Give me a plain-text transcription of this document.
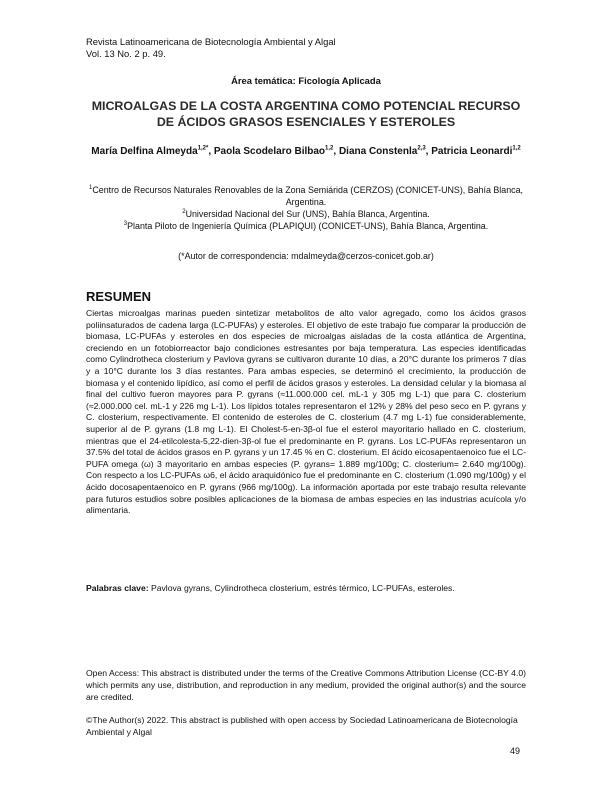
Revista Latinoamericana de Biotecnología Ambiental y Algal
Vol. 13 No. 2 p. 49.
Área temática: Ficología Aplicada
MICROALGAS DE LA COSTA ARGENTINA COMO POTENCIAL RECURSO DE ÁCIDOS GRASOS ESENCIALES Y ESTEROLES
María Delfina Almeyda$^{1,2*}$, Paola Scodelaro Bilbao$^{1,2}$, Diana Constenla$^{2,3}$, Patricia Leonardi$^{1,2}$
$^1$Centro de Recursos Naturales Renovables de la Zona Semiárida (CERZOS) (CONICET-UNS), Bahía Blanca, Argentina.
$^2$Universidad Nacional del Sur (UNS), Bahía Blanca, Argentina.
$^3$Planta Piloto de Ingeniería Química (PLAPIQUI) (CONICET-UNS), Bahía Blanca, Argentina.
(*Autor de correspondencia: mdalmeyda@cerzos-conicet.gob.ar)
RESUMEN
Ciertas microalgas marinas pueden sintetizar metabolitos de alto valor agregado, como los ácidos grasos poliinsaturados de cadena larga (LC-PUFAs) y esteroles. El objetivo de este trabajo fue comparar la producción de biomasa, LC-PUFAs y esteroles en dos especies de microalgas aisladas de la costa atlántica de Argentina, creciendo en un fotobiorreactor bajo condiciones estresantes por baja temperatura. Las especies identificadas como Cylindrotheca closterium y Pavlova gyrans se cultivaron durante 10 días, a 20°C durante los primeros 7 días y a 10°C durante los 3 días restantes. Para ambas especies, se determinó el crecimiento, la producción de biomasa y el contenido lipídico, así como el perfil de ácidos grasos y esteroles. La densidad celular y la biomasa al final del cultivo fueron mayores para P. gyrans (≈11.000.000 cel. mL-1 y 305 mg L-1) que para C. closterium (≈2.000.000 cel. mL-1 y 226 mg L-1). Los lípidos totales representaron el 12% y 28% del peso seco en P. gyrans y C. closterium, respectivamente. El contenido de esteroles de C. closterium (4.7 mg L-1) fue considerablemente, superior al de P. gyrans (1.8 mg L-1). El Cholest-5-en-3β-ol fue el esterol mayoritario hallado en C. closterium, mientras que el 24-etilcolesta-5,22-dien-3β-ol fue el predominante en P. gyrans. Los LC-PUFAs representaron un 37.5% del total de ácidos grasos en P. gyrans y un 17.45 % en C. closterium. El ácido eicosapentaenoico fue el LC-PUFA omega (ω) 3 mayoritario en ambas especies (P. gyrans= 1.889 mg/100g; C. closterium= 2.640 mg/100g). Con respecto a los LC-PUFAs ω6, el ácido araquidónico fue el predominante en C. closterium (1.090 mg/100g) y el ácido docosapentaenoico en P. gyrans (966 mg/100g). La información aportada por este trabajo resulta relevante para futuros estudios sobre posibles aplicaciones de la biomasa de ambas especies en las industrias acuícola y/o alimentaria.
Palabras clave: Pavlova gyrans, Cylindrotheca closterium, estrés térmico, LC-PUFAs, esteroles.
Open Access: This abstract is distributed under the terms of the Creative Commons Attribution License (CC-BY 4.0) which permits any use, distribution, and reproduction in any medium, provided the original author(s) and the source are credited.
©The Author(s) 2022. This abstract is published with open access by Sociedad Latinoamericana de Biotecnología Ambiental y Algal
49
